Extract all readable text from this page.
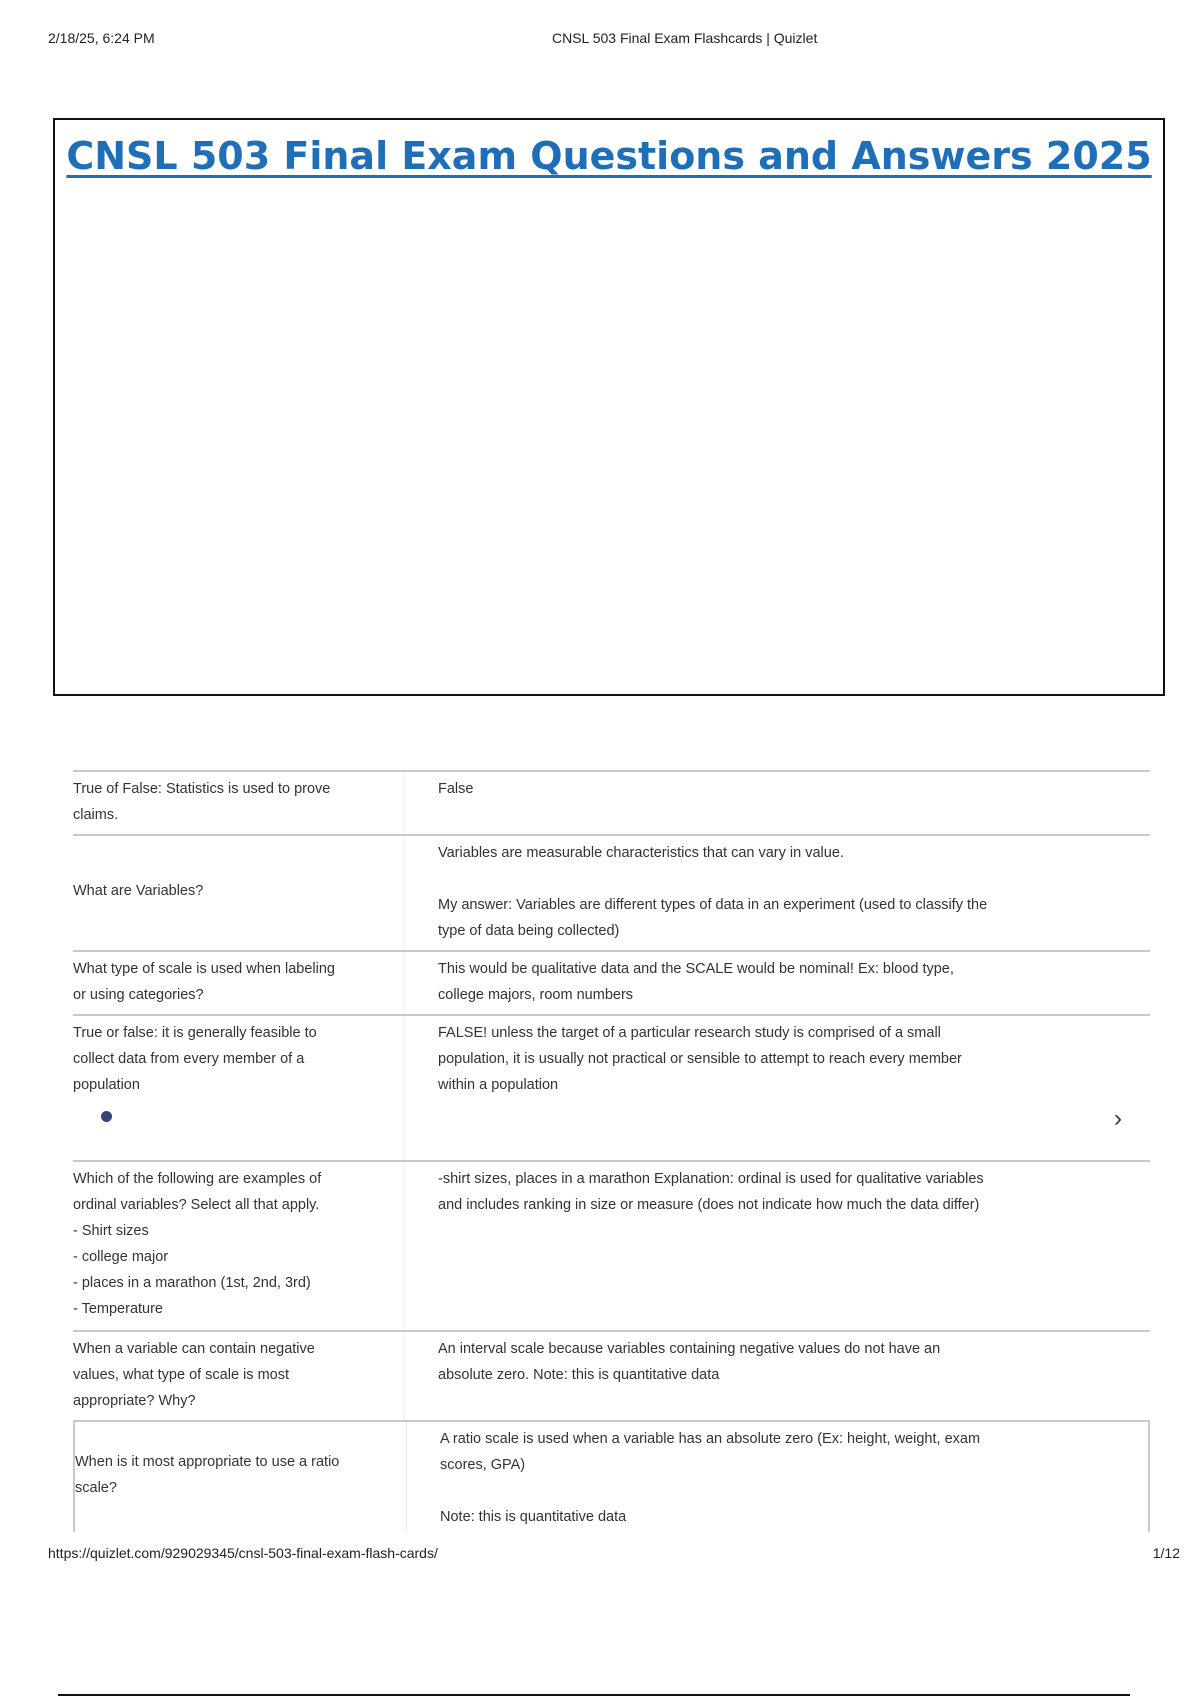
2/18/25, 6:24 PM	CNSL 503 Final Exam Flashcards | Quizlet
CNSL 503 Final Exam Questions and Answers 2025
True of False: Statistics is used to prove
claims.
False
What are Variables?
Variables are measurable characteristics that can vary in value.

My answer: Variables are different types of data in an experiment (used to classify the
type of data being collected)
What type of scale is used when labeling
or using categories?
This would be qualitative data and the SCALE would be nominal! Ex: blood type,
college majors, room numbers
True or false: it is generally feasible to
collect data from every member of a
population
FALSE! unless the target of a particular research study is comprised of a small
population, it is usually not practical or sensible to attempt to reach every member
within a population
›
Which of the following are examples of
ordinal variables? Select all that apply.
- Shirt sizes
- college major
- places in a marathon (1st, 2nd, 3rd)
- Temperature
-shirt sizes, places in a marathon Explanation: ordinal is used for qualitative variables
and includes ranking in size or measure (does not indicate how much the data differ)
When a variable can contain negative
values, what type of scale is most
appropriate? Why?
An interval scale because variables containing negative values do not have an
absolute zero. Note: this is quantitative data
When is it most appropriate to use a ratio
scale?
A ratio scale is used when a variable has an absolute zero (Ex: height, weight, exam
scores, GPA)

Note: this is quantitative data
https://quizlet.com/929029345/cnsl-503-final-exam-flash-cards/	1/12
